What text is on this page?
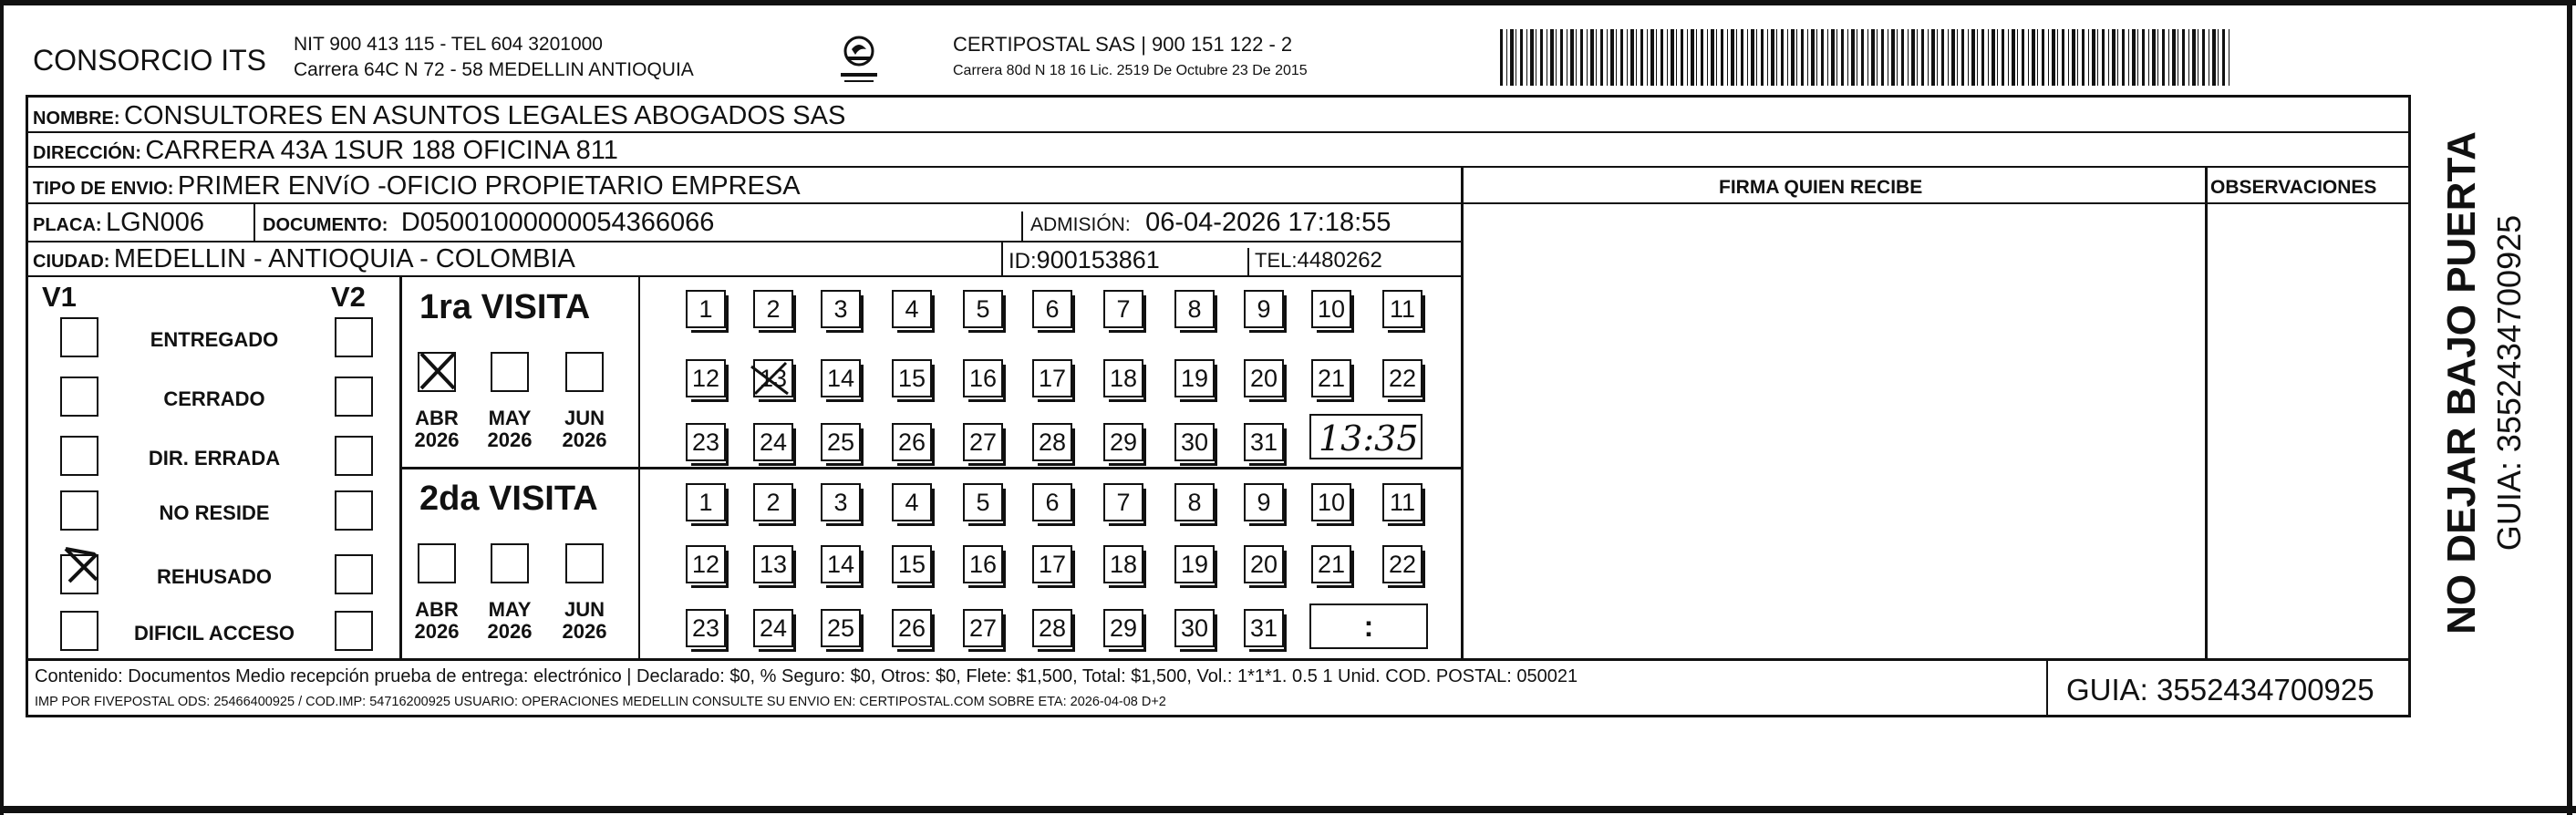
CONSORCIO ITS NIT 900 413 115 - TEL 604 3201000
Carrera 64C N 72 - 58 MEDELLIN ANTIOQUIA
CERTIPOSTAL SAS | 900 151 122 - 2
Carrera 80d N 18 16 Lic. 2519 De Octubre 23 De 2015
NOMBRE: CONSULTORES EN ASUNTOS LEGALES ABOGADOS SAS
DIRECCIÓN: CARRERA 43A 1SUR 188 OFICINA 811
TIPO DE ENVIO: PRIMER ENVíO -OFICIO PROPIETARIO EMPRESA	FIRMA QUIEN RECIBE	OBSERVACIONES
PLACA: LGN006	DOCUMENTO: D05001000000054366066	ADMISIÓN: 06-04-2026 17:18:55
CIUDAD: MEDELLIN - ANTIOQUIA - COLOMBIA	ID:900153861	TEL:4480262
V1	V2 1ra VISITA
2da VISITA
13:35
:
Contenido: Documentos Medio recepción prueba de entrega: electrónico | Declarado: $0, % Seguro: $0, Otros: $0, Flete: $1,500, Total: $1,500, Vol.: 1*1*1. 0.5 1 Unid. COD. POSTAL: 050021
IMP POR FIVEPOSTAL ODS: 25466400925 / COD.IMP: 54716200925 USUARIO: OPERACIONES MEDELLIN CONSULTE SU ENVIO EN: CERTIPOSTAL.COM SOBRE ETA: 2026-04-08 D+2	GUIA: 3552434700925
NO DEJAR BAJO PUERTA GUIA: 3552434700925
ENTREGADO
CERRADO
DIR. ERRADA
NO RESIDE
REHUSADO
DIFICIL ACCESO
ABR
2026
MAY
2026
JUN
2026
ABR
2026
MAY
2026
JUN
2026
1	2	3	4	5	6	7	8	9	10 11
12 13 14 15 16 17 18 19 20 21 22
23 24 25 26 27 28 29 30 31
1	2	3	4	5	6	7	8	9	10 11
12 13 14 15 16 17 18 19 20 21 22
23 24 25 26 27 28 29 30 31
